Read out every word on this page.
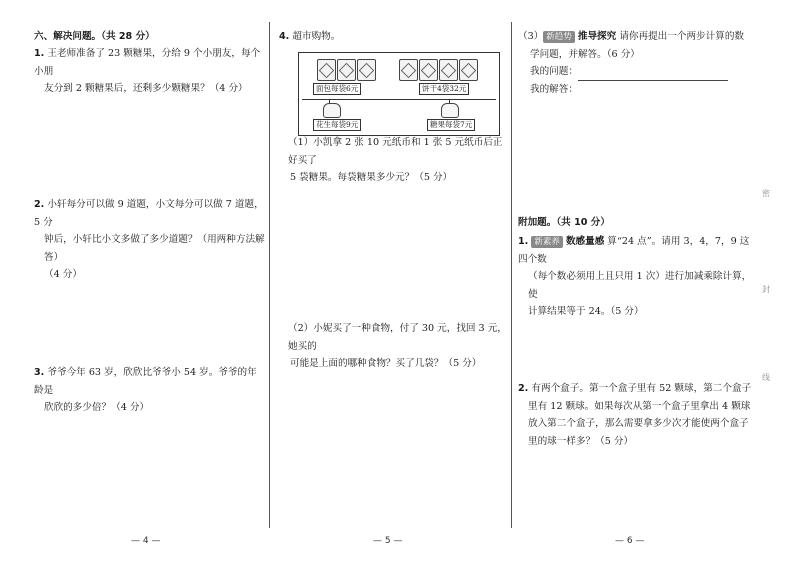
六、解决问题。（共 28 分）
1. 王老师准备了 23 颗糖果，分给 9 个小朋友，每个小朋
友分到 2 颗糖果后，还剩多少颗糖果？（4 分）
2. 小轩每分可以做 9 道题，小文每分可以做 7 道题，5 分
钟后，小轩比小文多做了多少道题？（用两种方法解答）
（4 分）
3. 爷爷今年 63 岁，欣欣比爷爷小 54 岁。爷爷的年龄是
欣欣的多少倍？（4 分）
— 4 —
4. 超市购物。
面包每袋6元	饼干4袋32元
花生每袋9元	糖果每袋7元
（1）小凯拿 2 张 10 元纸币和 1 张 5 元纸币后正好买了
5 袋糖果。每袋糖果多少元？（5 分）
（2）小妮买了一种食物，付了 30 元，找回 3 元，她买的
可能是上面的哪种食物？买了几袋？（5 分）
— 5 —
（3） 新趋势 推导探究 请你再提出一个两步计算的数
学问题，并解答。（6 分）
我的问题：
我的解答：
附加题。（共 10 分）
1. 新素养 数感量感 算“24 点”。请用 3，4，7，9 这四个数
（每个数必须用上且只用 1 次）进行加减乘除计算，使
计算结果等于 24。（5 分）
2. 有两个盒子。第一个盒子里有 52 颗球，第二个盒子
里有 12 颗球。如果每次从第一个盒子里拿出 4 颗球
放入第二个盒子，那么需要拿多少次才能使两个盒子
里的球一样多？（5 分）
— 6 —
密
封
线
